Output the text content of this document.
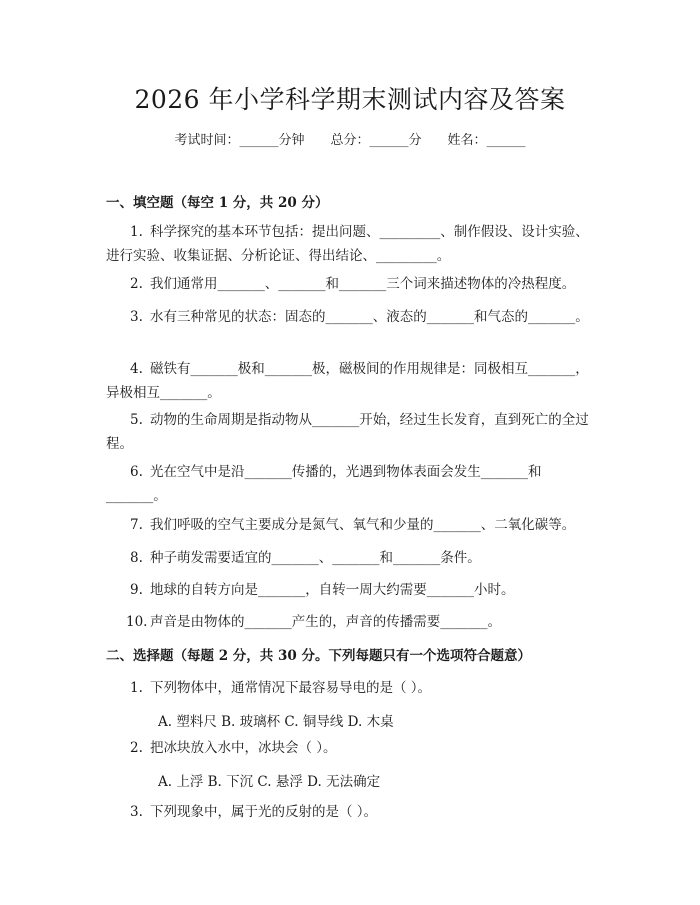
2026 年小学科学期末测试内容及答案
考试时间：______分钟 总分：______分 姓名：______
一、填空题（每空 1 分，共 20 分）
1. 科学探究的基本环节包括：提出问题、_________、制作假设、设计实验、进行实验、收集证据、分析论证、得出结论、_________。
2. 我们通常用_______、_______和_______三个词来描述物体的冷热程度。
3. 水有三种常见的状态：固态的_______、液态的_______和气态的_______。
4. 磁铁有_______极和_______极，磁极间的作用规律是：同极相互_______，异极相互_______。
5. 动物的生命周期是指动物从_______开始，经过生长发育，直到死亡的全过程。
6. 光在空气中是沿_______传播的，光遇到物体表面会发生_______和_______。
7. 我们呼吸的空气主要成分是氮气、氧气和少量的_______、二氧化碳等。
8. 种子萌发需要适宜的_______、_______和_______条件。
9. 地球的自转方向是_______，自转一周大约需要_______小时。
10. 声音是由物体的_______产生的，声音的传播需要_______。
二、选择题（每题 2 分，共 30 分。下列每题只有一个选项符合题意）
1. 下列物体中，通常情况下最容易导电的是（ ）。
A. 塑料尺 B. 玻璃杯 C. 铜导线 D. 木桌
2. 把冰块放入水中，冰块会（ ）。
A. 上浮 B. 下沉 C. 悬浮 D. 无法确定
3. 下列现象中，属于光的反射的是（ ）。
